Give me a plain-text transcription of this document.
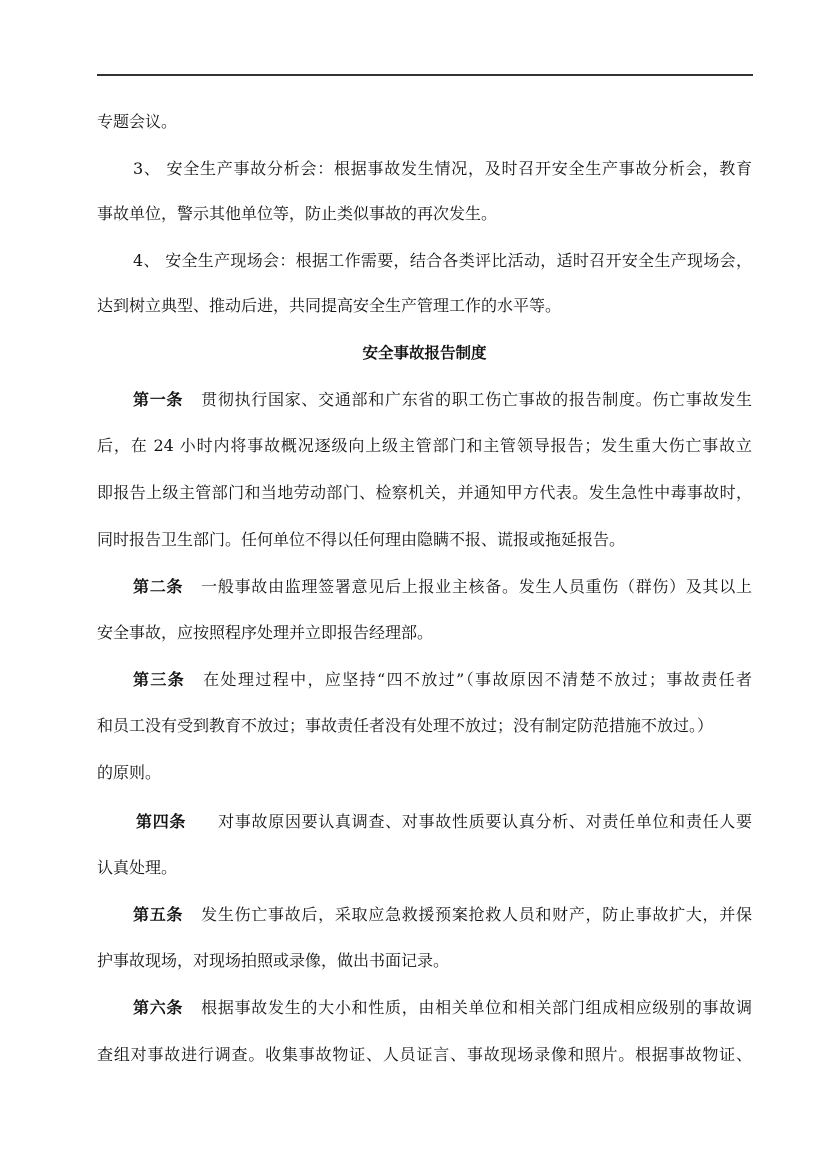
专题会议。
3、 安全生产事故分析会：根据事故发生情况，及时召开安全生产事故分析会，教育
事故单位，警示其他单位等，防止类似事故的再次发生。
4、 安全生产现场会：根据工作需要，结合各类评比活动，适时召开安全生产现场会，
达到树立典型、推动后进，共同提高安全生产管理工作的水平等。
安全事故报告制度
第一条 贯彻执行国家、交通部和广东省的职工伤亡事故的报告制度。伤亡事故发生
后，在 24 小时内将事故概况逐级向上级主管部门和主管领导报告；发生重大伤亡事故立
即报告上级主管部门和当地劳动部门、检察机关，并通知甲方代表。发生急性中毒事故时，
同时报告卫生部门。任何单位不得以任何理由隐瞒不报、谎报或拖延报告。
第二条 一般事故由监理签署意见后上报业主核备。发生人员重伤（群伤）及其以上
安全事故，应按照程序处理并立即报告经理部。
第三条 在处理过程中，应坚持“四不放过”（事故原因不清楚不放过；事故责任者
和员工没有受到教育不放过；事故责任者没有处理不放过；没有制定防范措施不放过。）
的原则。
第四条 对事故原因要认真调查、对事故性质要认真分析、对责任单位和责任人要
认真处理。
第五条 发生伤亡事故后，采取应急救援预案抢救人员和财产，防止事故扩大，并保
护事故现场，对现场拍照或录像，做出书面记录。
第六条 根据事故发生的大小和性质，由相关单位和相关部门组成相应级别的事故调
查组对事故进行调查。收集事故物证、人员证言、事故现场录像和照片。根据事故物证、
